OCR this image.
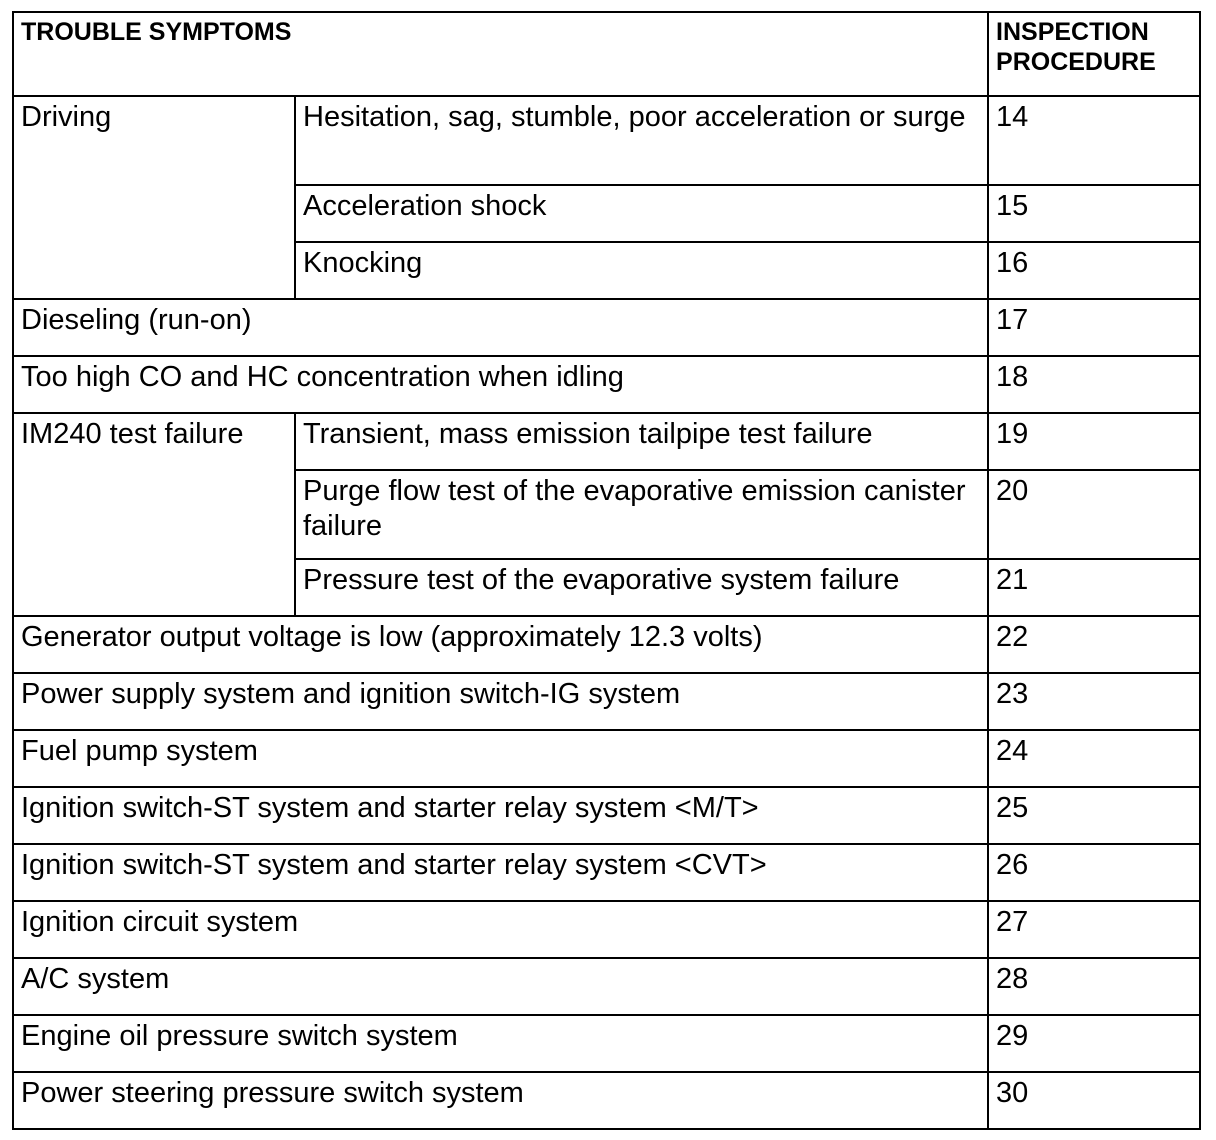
TROUBLE SYMPTOMS		INSPECTION PROCEDURE
Driving	Hesitation, sag, stumble, poor acceleration or surge	14
	Acceleration shock	15
	Knocking	16
Dieseling (run-on)		17
Too high CO and HC concentration when idling		18
IM240 test failure	Transient, mass emission tailpipe test failure	19
	Purge flow test of the evaporative emission canister failure	20
	Pressure test of the evaporative system failure	21
Generator output voltage is low (approximately 12.3 volts)		22
Power supply system and ignition switch-IG system		23
Fuel pump system		24
Ignition switch-ST system and starter relay system <M/T>		25
Ignition switch-ST system and starter relay system <CVT>		26
Ignition circuit system		27
A/C system		28
Engine oil pressure switch system		29
Power steering pressure switch system		30
